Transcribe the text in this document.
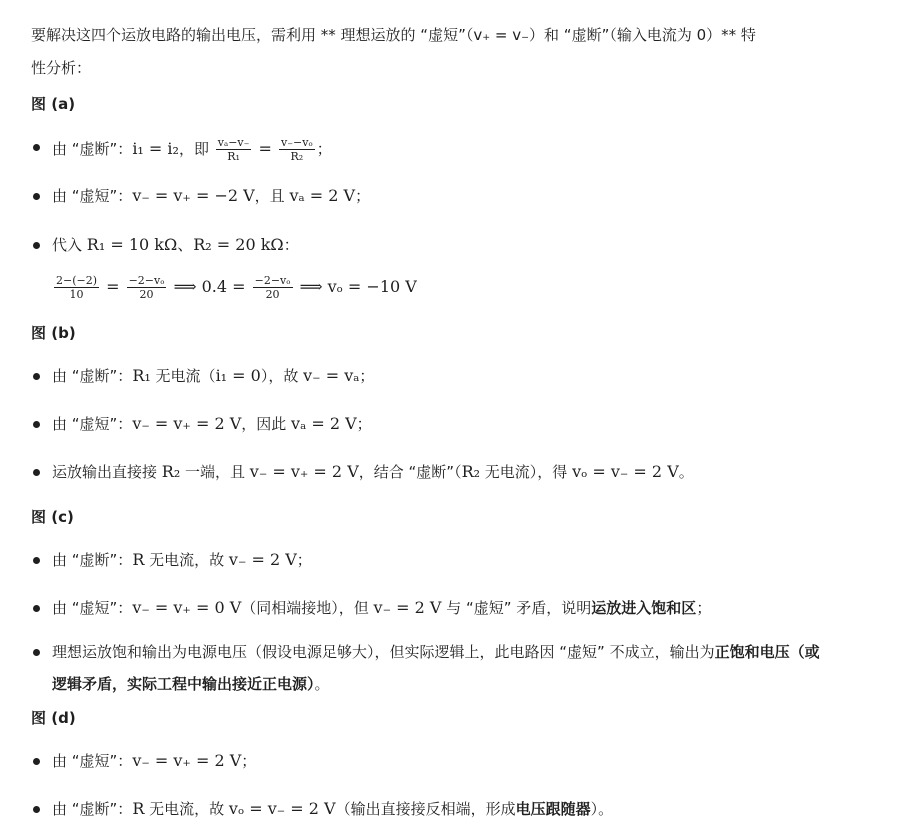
要解决这四个运放电路的输出电压，需利用 ** 理想运放的 “虚短”（v₊ = v₋）和 “虚断”（输入电流为 0）** 特
性分析：
图 (a)
由 “虚断”：i₁ = i₂，即 $\frac{\text{vₐ−v₋}}{\text{R₁}} = \frac{\text{v₋−vₒ}}{\text{R₂}}$ ；
由 “虚短”：v₋ = v₊ = −2 V，且 vₐ = 2 V；
代入 R₁ = 10 kΩ、R₂ = 20 kΩ：
$\frac{2-(-2)}{10} = \frac{\text{−2−vₒ}}{20}$ ⟹ $0.4 = \frac{\text{−2−vₒ}}{20}$ ⟹ vₒ = −10 V
图 (b)
由 “虚断”：R₁ 无电流（i₁ = 0），故 v₋ = vₐ；
由 “虚短”：v₋ = v₊ = 2 V，因此 vₐ = 2 V；
运放输出直接接 R₂ 一端，且 v₋ = v₊ = 2 V，结合 “虚断”（R₂ 无电流），得 vₒ = v₋ = 2 V。
图 (c)
由 “虚断”：R 无电流，故 v₋ = 2 V；
由 “虚短”：v₋ = v₊ = 0 V（同相端接地），但 v₋ = 2 V 与 “虚短” 矛盾，说明运放进入饱和区；
理想运放饱和输出为电源电压（假设电源足够大），但实际逻辑上，此电路因 “虚短” 不成立，输出为正饱和电压（或逻辑矛盾，实际工程中输出接近正电源）。
图 (d)
由 “虚短”：v₋ = v₊ = 2 V；
由 “虚断”：R 无电流，故 vₒ = v₋ = 2 V（输出直接接反相端，形成电压跟随器）。
